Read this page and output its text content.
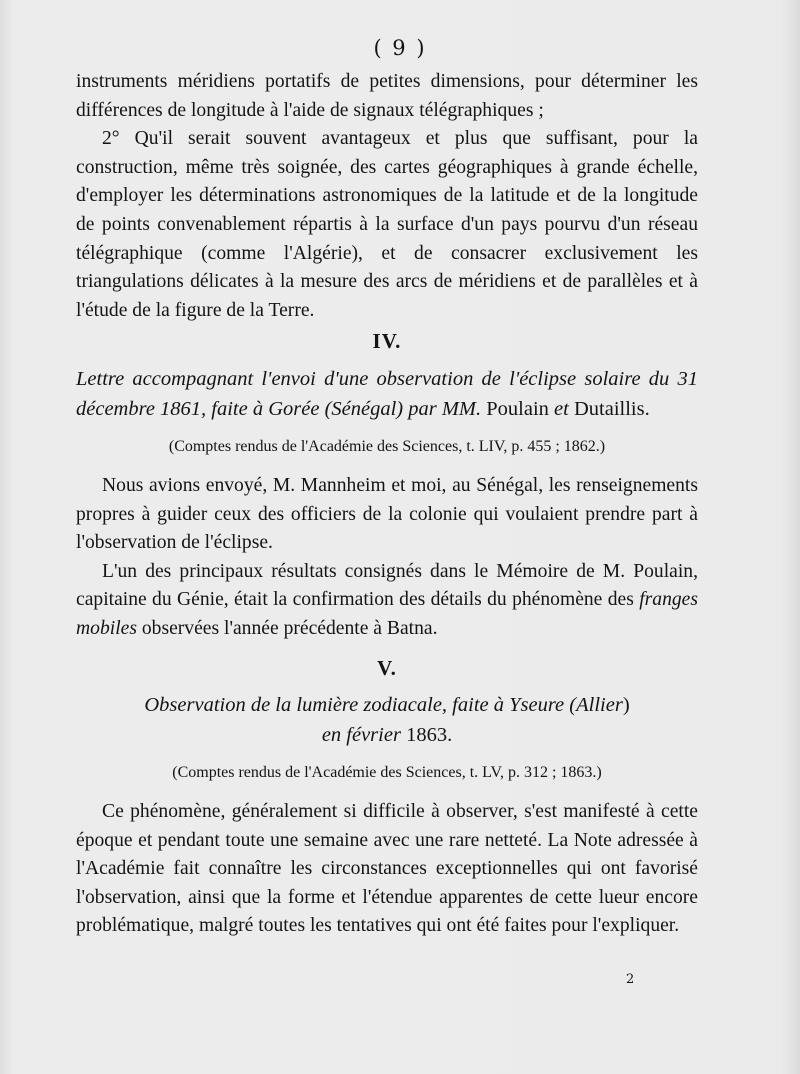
( 9 )

instruments méridiens portatifs de petites dimensions, pour déterminer les différences de longitude à l'aide de signaux télégraphiques ;

2° Qu'il serait souvent avantageux et plus que suffisant, pour la construction, même très soignée, des cartes géographiques à grande échelle, d'employer les déterminations astronomiques de la latitude et de la longitude de points convenablement répartis à la surface d'un pays pourvu d'un réseau télégraphique (comme l'Algérie), et de consacrer exclusivement les triangulations délicates à la mesure des arcs de méridiens et de parallèles et à l'étude de la figure de la Terre.

IV.

Lettre accompagnant l'envoi d'une observation de l'éclipse solaire du 31 décembre 1861, faite à Gorée (Sénégal) par MM. Poulain et Dutaillis.

(Comptes rendus de l'Académie des Sciences, t. LIV, p. 455 ; 1862.)

Nous avions envoyé, M. Mannheim et moi, au Sénégal, les renseignements propres à guider ceux des officiers de la colonie qui voulaient prendre part à l'observation de l'éclipse.

L'un des principaux résultats consignés dans le Mémoire de M. Poulain, capitaine du Génie, était la confirmation des détails du phénomène des franges mobiles observées l'année précédente à Batna.

V.

Observation de la lumière zodiacale, faite à Yseure (Allier)
en février 1863.

(Comptes rendus de l'Académie des Sciences, t. LV, p. 312 ; 1863.)

Ce phénomène, généralement si difficile à observer, s'est manifesté à cette époque et pendant toute une semaine avec une rare netteté. La Note adressée à l'Académie fait connaître les circonstances exceptionnelles qui ont favorisé l'observation, ainsi que la forme et l'étendue apparentes de cette lueur encore problématique, malgré toutes les tentatives qui ont été faites pour l'expliquer.

2
